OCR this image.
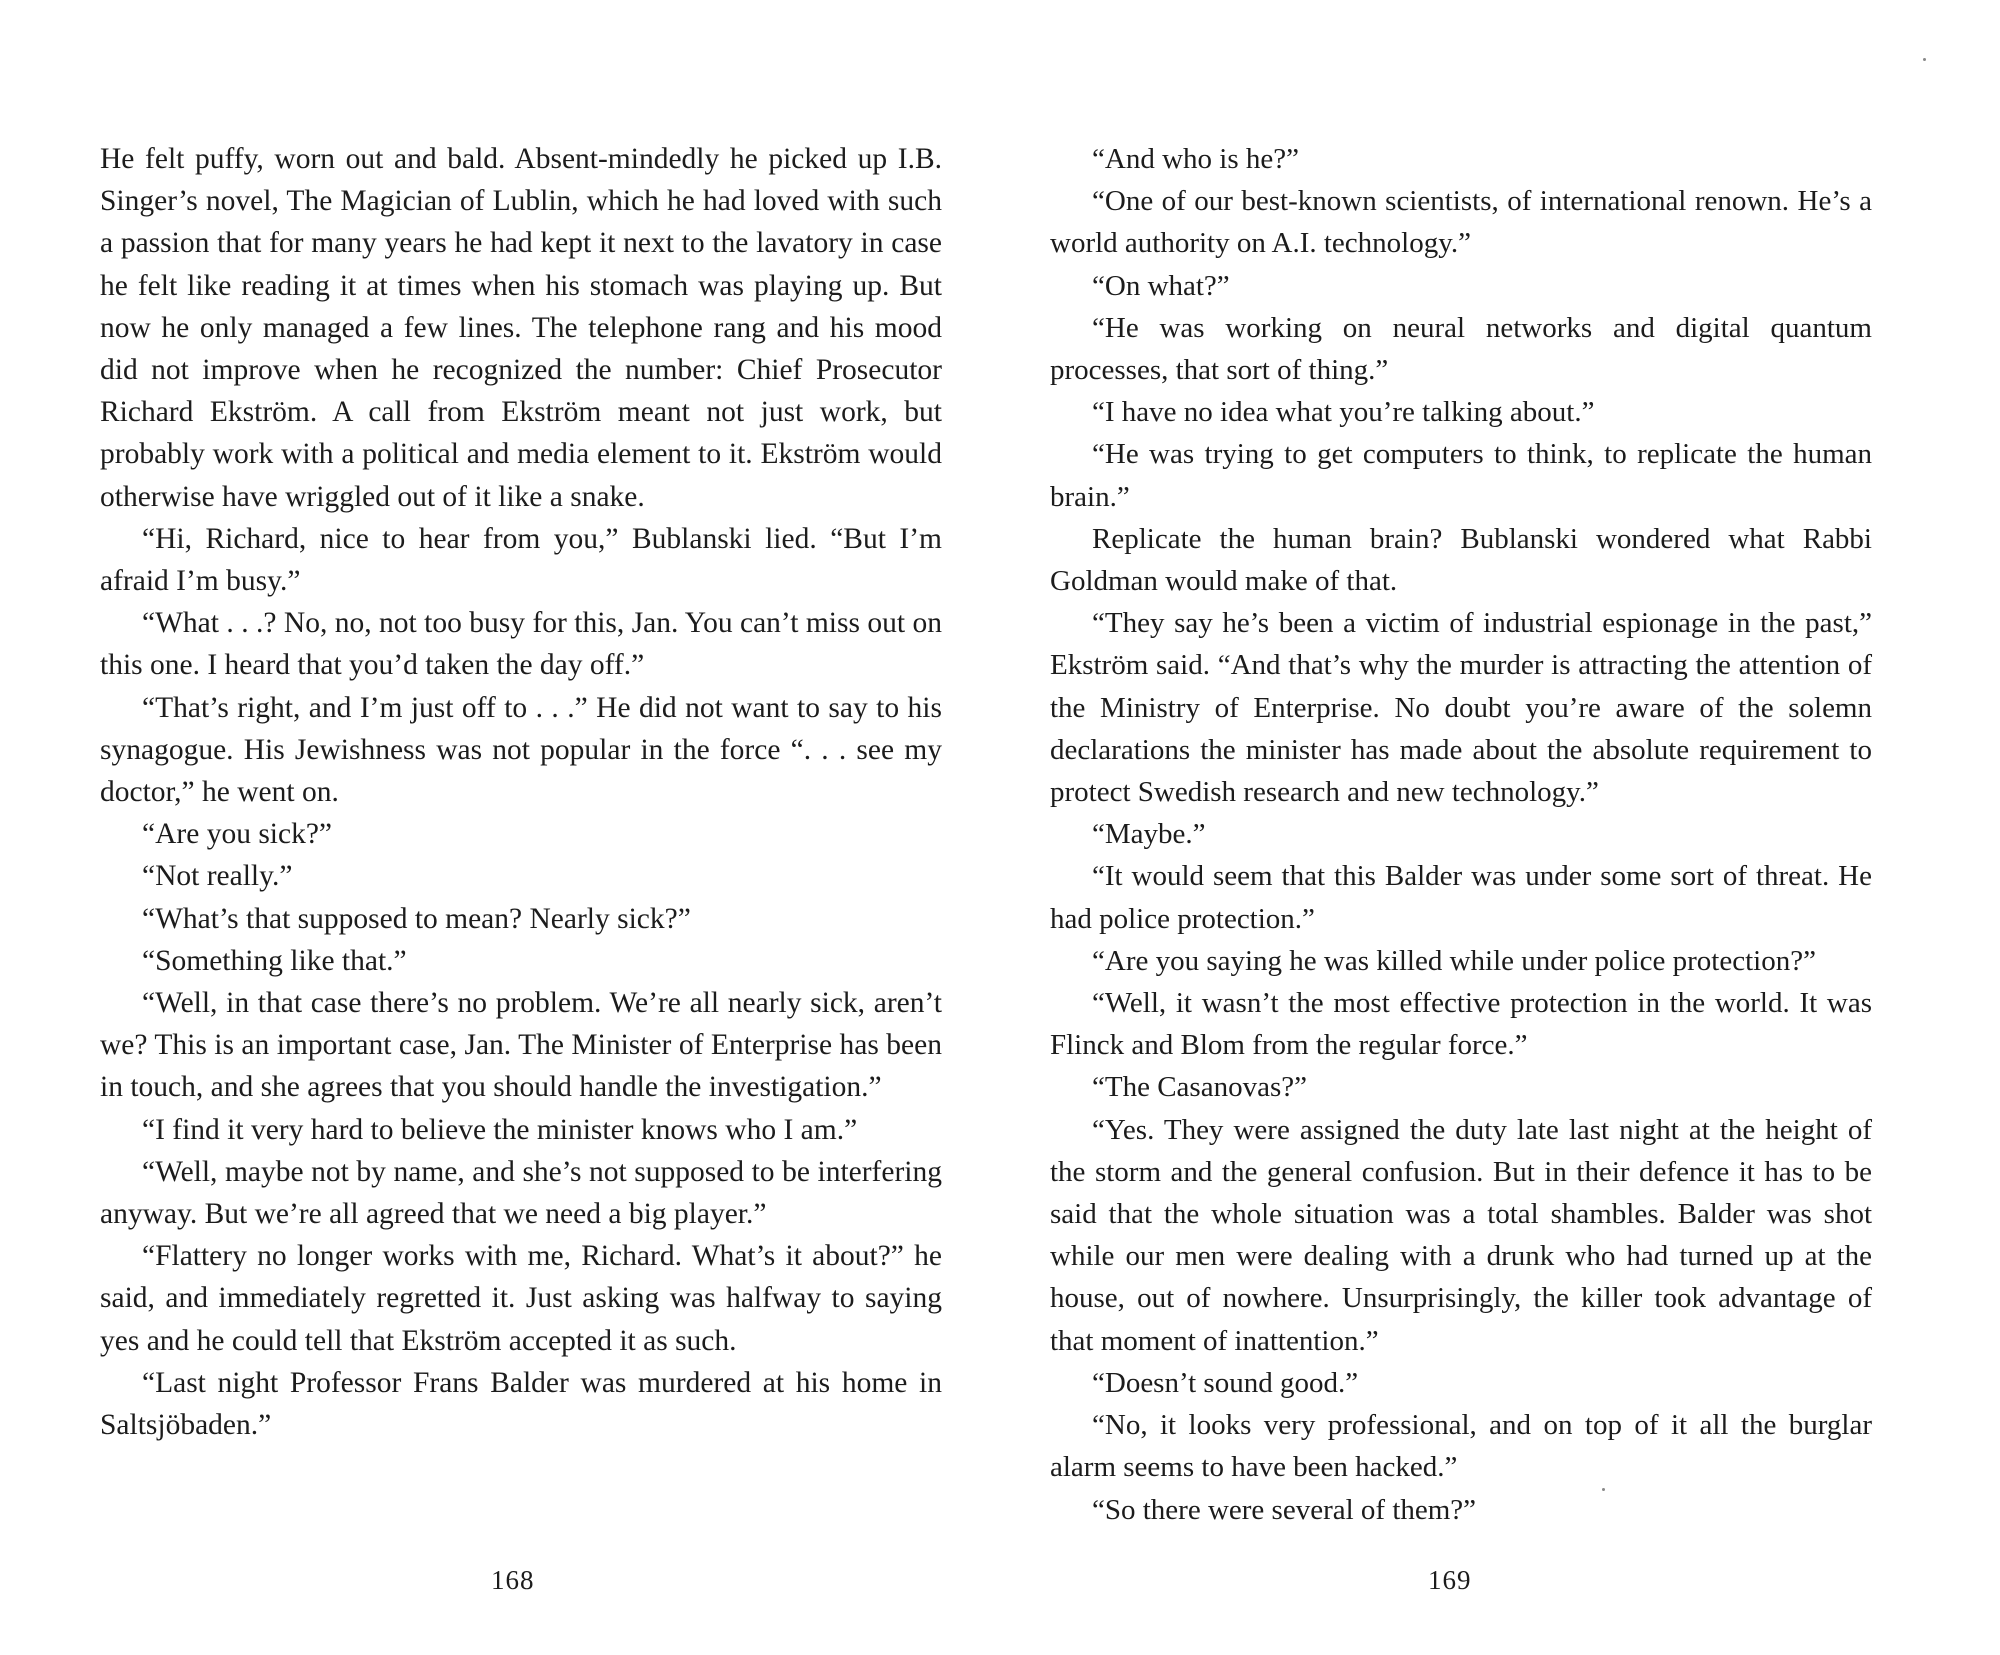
He felt puffy, worn out and bald. Absent-mindedly he picked up I.B. Singer’s novel, The Magician of Lublin, which he had loved with such a passion that for many years he had kept it next to the lavatory in case he felt like reading it at times when his stomach was playing up. But now he only managed a few lines. The telephone rang and his mood did not improve when he recognized the number: Chief Prosecutor Richard Ekström. A call from Ekström meant not just work, but probably work with a political and media element to it. Ekström would otherwise have wriggled out of it like a snake.

“Hi, Richard, nice to hear from you,” Bublanski lied. “But I’m afraid I’m busy.”

“What . . .? No, no, not too busy for this, Jan. You can’t miss out on this one. I heard that you’d taken the day off.”

“That’s right, and I’m just off to . . .” He did not want to say to his synagogue. His Jewishness was not popular in the force “. . . see my doctor,” he went on.

“Are you sick?”

“Not really.”

“What’s that supposed to mean? Nearly sick?”

“Something like that.”

“Well, in that case there’s no problem. We’re all nearly sick, aren’t we? This is an important case, Jan. The Minister of Enterprise has been in touch, and she agrees that you should handle the investigation.”

“I find it very hard to believe the minister knows who I am.”

“Well, maybe not by name, and she’s not supposed to be interfering anyway. But we’re all agreed that we need a big player.”

“Flattery no longer works with me, Richard. What’s it about?” he said, and immediately regretted it. Just asking was halfway to saying yes and he could tell that Ekström accepted it as such.

“Last night Professor Frans Balder was murdered at his home in Saltsjöbaden.”

“And who is he?”

“One of our best-known scientists, of international renown. He’s a world authority on A.I. technology.”

“On what?”

“He was working on neural networks and digital quantum processes, that sort of thing.”

“I have no idea what you’re talking about.”

“He was trying to get computers to think, to replicate the human brain.”

Replicate the human brain? Bublanski wondered what Rabbi Goldman would make of that.

“They say he’s been a victim of industrial espionage in the past,” Ekström said. “And that’s why the murder is attracting the attention of the Ministry of Enterprise. No doubt you’re aware of the solemn declarations the minister has made about the absolute requirement to protect Swedish research and new technology.”

“Maybe.”

“It would seem that this Balder was under some sort of threat. He had police protection.”

“Are you saying he was killed while under police protection?”

“Well, it wasn’t the most effective protection in the world. It was Flinck and Blom from the regular force.”

“The Casanovas?”

“Yes. They were assigned the duty late last night at the height of the storm and the general confusion. But in their defence it has to be said that the whole situation was a total shambles. Balder was shot while our men were dealing with a drunk who had turned up at the house, out of nowhere. Unsurprisingly, the killer took advantage of that moment of inattention.”

“Doesn’t sound good.”

“No, it looks very professional, and on top of it all the burglar alarm seems to have been hacked.”

“So there were several of them?”

168	169
